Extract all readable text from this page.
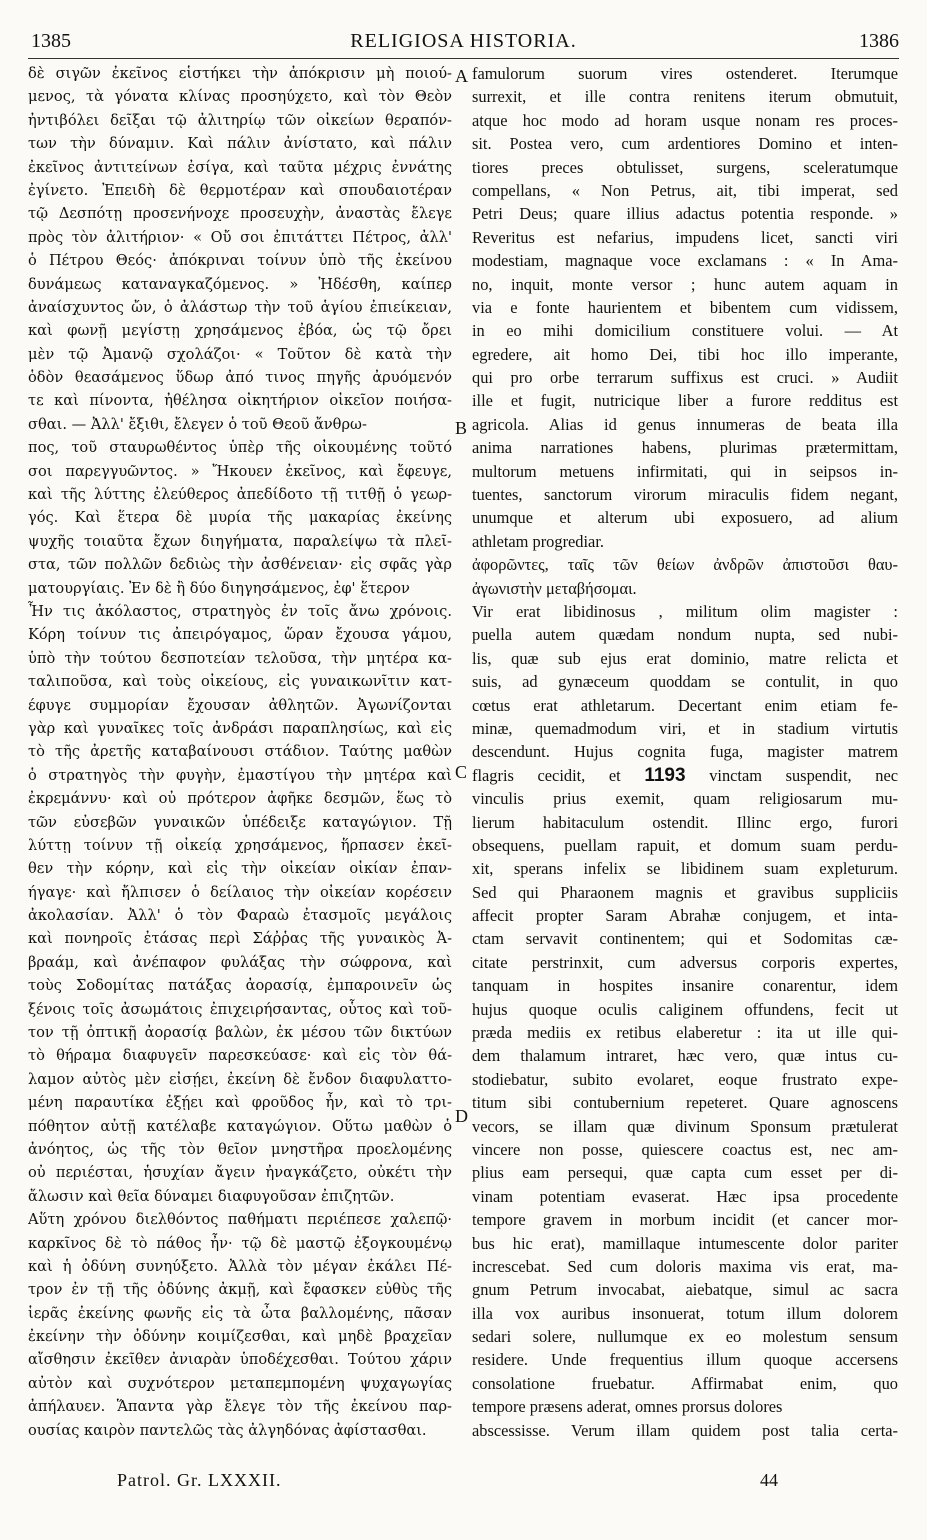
1385	RELIGIOSA HISTORIA.	1386
δὲ σιγῶν ἐκεῖνος εἱστήκει τὴν ἀπόκρισιν μὴ ποιού-
μενος, τὰ γόνατα κλίνας προσηύχετο, καὶ τὸν Θεὸν
ἠντιβόλει δεῖξαι τῷ ἀλιτηρίῳ τῶν οἰκείων θεραπόν-
των τὴν δύναμιν. Καὶ πάλιν ἀνίστατο, καὶ πάλιν
ἐκεῖνος ἀντιτείνων ἐσίγα, καὶ ταῦτα μέχρις ἐννάτης
ἐγίνετο. Ἐπειδὴ δὲ θερμοτέραν καὶ σπουδαιοτέραν
τῷ Δεσπότῃ προσενήνοχε προσευχὴν, ἀναστὰς ἔλεγε
πρὸς τὸν ἀλιτήριον· « Οὔ σοι ἐπιτάττει Πέτρος, ἀλλ'
ὁ Πέτρου Θεός· ἀπόκριναι τοίνυν ὑπὸ τῆς ἐκείνου
δυνάμεως καταναγκαζόμενος. » Ἠδέσθη, καίπερ
ἀναίσχυντος ὤν, ὁ ἀλάστωρ τὴν τοῦ ἁγίου ἐπιείκειαν,
καὶ φωνῇ μεγίστῃ χρησάμενος ἐβόα, ὡς τῷ ὄρει
μὲν τῷ Ἀμανῷ σχολάζοι· « Τοῦτον δὲ κατὰ τὴν
ὁδὸν θεασάμενος ὕδωρ ἀπό τινος πηγῆς ἀρυόμενόν
τε καὶ πίνοντα, ἠθέλησα οἰκητήριον οἰκεῖον ποιήσα-
σθαι. — Ἀλλ' ἔξιθι, ἔλεγεν ὁ τοῦ Θεοῦ ἄνθρω-
πος, τοῦ σταυρωθέντος ὑπὲρ τῆς οἰκουμένης τοῦτό
σοι παρεγγυῶντος. » Ἤκουεν ἐκεῖνος, καὶ ἔφευγε,
καὶ τῆς λύττης ἐλεύθερος ἀπεδίδοτο τῇ τιτθῇ ὁ γεωρ-
γός. Καὶ ἕτερα δὲ μυρία τῆς μακαρίας ἐκείνης
ψυχῆς τοιαῦτα ἔχων διηγήματα, παραλείψω τὰ πλεῖ-
στα, τῶν πολλῶν δεδιὼς τὴν ἀσθένειαν· εἰς σφᾶς γὰρ
ματουργίαις. Ἐν δὲ ἢ δύο διηγησάμενος, ἐφ' ἕτερον
Ἦν τις ἀκόλαστος, στρατηγὸς ἐν τοῖς ἄνω χρόνοις.
Κόρη τοίνυν τις ἀπειρόγαμος, ὥραν ἔχουσα γάμου,
ὑπὸ τὴν τούτου δεσποτείαν τελοῦσα, τὴν μητέρα κα-
ταλιποῦσα, καὶ τοὺς οἰκείους, εἰς γυναικωνῖτιν κατ-
έφυγε συμμορίαν ἔχουσαν ἀθλητῶν. Ἀγωνίζονται
γὰρ καὶ γυναῖκες τοῖς ἀνδράσι παραπλησίως, καὶ εἰς
τὸ τῆς ἀρετῆς καταβαίνουσι στάδιον. Ταύτης μαθὼν
ὁ στρατηγὸς τὴν φυγὴν, ἐμαστίγου τὴν μητέρα καὶ
ἐκρεμάννυ· καὶ οὐ πρότερον ἀφῆκε δεσμῶν, ἕως τὸ
τῶν εὐσεβῶν γυναικῶν ὑπέδειξε καταγώγιον. Τῇ
λύττῃ τοίνυν τῇ οἰκείᾳ χρησάμενος, ἥρπασεν ἐκεῖ-
θεν τὴν κόρην, καὶ εἰς τὴν οἰκείαν οἰκίαν ἐπαν-
ήγαγε· καὶ ἤλπισεν ὁ δείλαιος τὴν οἰκείαν κορέσειν
ἀκολασίαν. Ἀλλ' ὁ τὸν Φαραὼ ἐτασμοῖς μεγάλοις
καὶ πονηροῖς ἐτάσας περὶ Σάῤῥας τῆς γυναικὸς Ἀ-
βραάμ, καὶ ἀνέπαφον φυλάξας τὴν σώφρονα, καὶ
τοὺς Σοδομίτας πατάξας ἀορασίᾳ, ἐμπαροινεῖν ὡς
ξένοις τοῖς ἀσωμάτοις ἐπιχειρήσαντας, οὗτος καὶ τοῦ-
τον τῇ ὀπτικῇ ἀορασίᾳ βαλὼν, ἐκ μέσου τῶν δικτύων
τὸ θήραμα διαφυγεῖν παρεσκεύασε· καὶ εἰς τὸν θά-
λαμον αὐτὸς μὲν εἰσῄει, ἐκείνη δὲ ἔνδον διαφυλαττο-
μένη παραυτίκα ἐξῄει καὶ φροῦδος ἦν, καὶ τὸ τρι-
πόθητον αὐτῇ κατέλαβε καταγώγιον. Οὕτω μαθὼν ὁ
ἀνόητος, ὡς τῆς τὸν θεῖον μνηστῆρα προελομένης
οὐ περιέσται, ἡσυχίαν ἄγειν ἠναγκάζετο, οὐκέτι τὴν
ἄλωσιν καὶ θεῖα δύναμει διαφυγοῦσαν ἐπιζητῶν.
Αὕτη χρόνου διελθόντος παθήματι περιέπεσε χαλεπῷ·
καρκῖνος δὲ τὸ πάθος ἦν· τῷ δὲ μαστῷ ἐξογκουμένῳ
καὶ ἡ ὀδύνη συνηύξετο. Ἀλλὰ τὸν μέγαν ἐκάλει Πέ-
τρον ἐν τῇ τῆς ὀδύνης ἀκμῇ, καὶ ἔφασκεν εὐθὺς τῆς
ἱερᾶς ἐκείνης φωνῆς εἰς τὰ ὦτα βαλλομένης, πᾶσαν
ἐκείνην τὴν ὀδύνην κοιμίζεσθαι, καὶ μηδὲ βραχεῖαν
αἴσθησιν ἐκεῖθεν ἀνιαρὰν ὑποδέχεσθαι. Τούτου χάριν
αὐτὸν καὶ συχνότερον μεταπεμπομένη ψυχαγωγίας
ἀπήλαυεν. Ἅπαντα γὰρ ἔλεγε τὸν τῆς ἐκείνου παρ-
ουσίας καιρὸν παντελῶς τὰς ἀλγηδόνας ἀφίστασθαι.
famulorum suorum vires ostenderet. Iterumque
surrexit, et ille contra renitens iterum obmutuit,
atque hoc modo ad horam usque nonam res proces-
sit. Postea vero, cum ardentiores Domino et inten-
tiores preces obtulisset, surgens, sceleratumque
compellans, « Non Petrus, ait, tibi imperat, sed
Petri Deus; quare illius adactus potentia responde. »
Reveritus est nefarius, impudens licet, sancti viri
modestiam, magnaque voce exclamans : « In Ama-
no, inquit, monte versor ; hunc autem aquam in
via e fonte haurientem et bibentem cum vidissem,
in eo mihi domicilium constituere volui. — At
egredere, ait homo Dei, tibi hoc illo imperante,
qui pro orbe terrarum suffixus est cruci. » Audiit
ille et fugit, nutricique liber a furore redditus est
agricola. Alias id genus innumeras de beata illa
anima narrationes habens, plurimas prætermittam,
multorum metuens infirmitati, qui in seipsos in-
tuentes, sanctorum virorum miraculis fidem negant,
unumque et alterum ubi exposuero, ad alium
athletam progrediar.
ἀφορῶντες, ταῖς τῶν θείων ἀνδρῶν ἀπιστοῦσι θαυ-
ἀγωνιστὴν μεταβήσομαι.
Vir erat libidinosus , militum olim magister :
puella autem quædam nondum nupta, sed nubi-
lis, quæ sub ejus erat dominio, matre relicta et
suis, ad gynæceum quoddam se contulit, in quo
cœtus erat athletarum. Decertant enim etiam fe-
minæ, quemadmodum viri, et in stadium virtutis
descendunt. Hujus cognita fuga, magister matrem
flagris cecidit, et 1193 vinctam suspendit, nec
vinculis prius exemit, quam religiosarum mu-
lierum habitaculum ostendit. Illinc ergo, furori
obsequens, puellam rapuit, et domum suam perdu-
xit, sperans infelix se libidinem suam expleturum.
Sed qui Pharaonem magnis et gravibus suppliciis
affecit propter Saram Abrahæ conjugem, et inta-
ctam servavit continentem; qui et Sodomitas cæ-
citate perstrinxit, cum adversus corporis expertes,
tanquam in hospites insanire conarentur, idem
hujus quoque oculis caliginem offundens, fecit ut
præda mediis ex retibus elaberetur : ita ut ille qui-
dem thalamum intraret, hæc vero, quæ intus cu-
stodiebatur, subito evolaret, eoque frustrato expe-
titum sibi contubernium repeteret. Quare agnoscens
vecors, se illam quæ divinum Sponsum prætulerat
vincere non posse, quiescere coactus est, nec am-
plius eam persequi, quæ capta cum esset per di-
vinam potentiam evaserat. Hæc ipsa procedente
tempore gravem in morbum incidit (et cancer mor-
bus hic erat), mamillaque intumescente dolor pariter
increscebat. Sed cum doloris maxima vis erat, ma-
gnum Petrum invocabat, aiebatque, simul ac sacra
illa vox auribus insonuerat, totum illum dolorem
sedari solere, nullumque ex eo molestum sensum
residere. Unde frequentius illum quoque accersens
consolatione fruebatur. Affirmabat enim, quo
tempore præsens aderat, omnes prorsus dolores
abscessisse. Verum illam quidem post talia certa-
A
B
C
D
Patrol. Gr. LXXXII.	44
